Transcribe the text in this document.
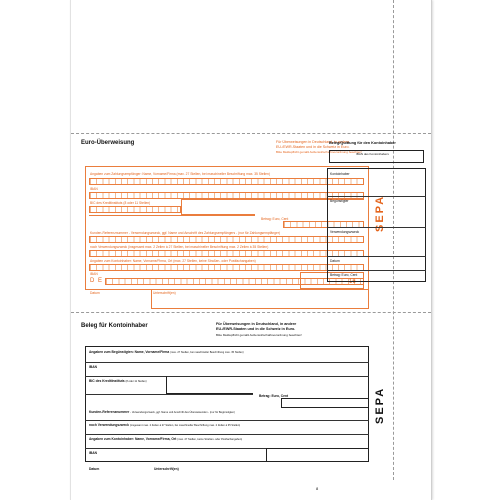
Euro-Überweisung	Für Überweisungen in Deutschland, in andere
EU-/EWR-Staaten und in die Schweiz in Euro.
Bitte Meldepflicht gemäß Außenwirtschaftsverordnung beachten!
Angaben zum Zahlungsempfänger: Name, Vorname/Firma (max. 27 Stellen, bei maschineller Beschriftung max. 35 Stellen)
IBAN
BIC des Kreditinstituts (8 oder 11 Stellen)
Betrag: Euro, Cent
Kunden-Referenznummer - Verwendungszweck, ggf. Name und Anschrift des Zahlungsempfängers - (nur für Zahlungsempfänger)
noch Verwendungszweck (insgesamt max. 2 Zeilen à 27 Stellen, bei maschineller Beschriftung max. 2 Zeilen à 35 Stellen)
Angaben zum Kontoinhaber: Name, Vorname/Firma, Ort (max. 27 Stellen, keine Straßen- oder Postfachangaben)
IBAN
D E	16
Datum	Unterschrift(en)
SEPA
Beleg/Quittung für den Kontoinhaber
IBAN des Kontoinhabers
Kontoinhaber
Begünstigter
Verwendungszweck
Datum
Betrag: Euro, Cent
Beleg für Kontoinhaber	Für Überweisungen in Deutschland, in andere
EU-/EWR-Staaten und in die Schweiz in Euro.
Bitte Meldepflicht gemäß Außenwirtschaftsverordnung beachten!
Angaben zum Begünstigten: Name, Vorname/Firma (max. 27 Stellen, bei maschineller Beschriftung max. 35 Stellen)
IBAN
BIC des Kreditinstituts (8 oder 11 Stellen)
Betrag: Euro, Cent
Kunden-Referenznummer - Verwendungszweck, ggf. Name und Anschrift des Überweisenden - (nur für Begünstigten)
noch Verwendungszweck (insgesamt max. 2 Zeilen à 27 Stellen, bei maschineller Beschriftung max. 2 Zeilen à 35 Stellen)
Angaben zum Kontoinhaber: Name, Vorname/Firma, Ort (max. 27 Stellen, keine Straßen- oder Postfachangaben)
IBAN
Datum	Unterschrift(en)
SEPA
8
